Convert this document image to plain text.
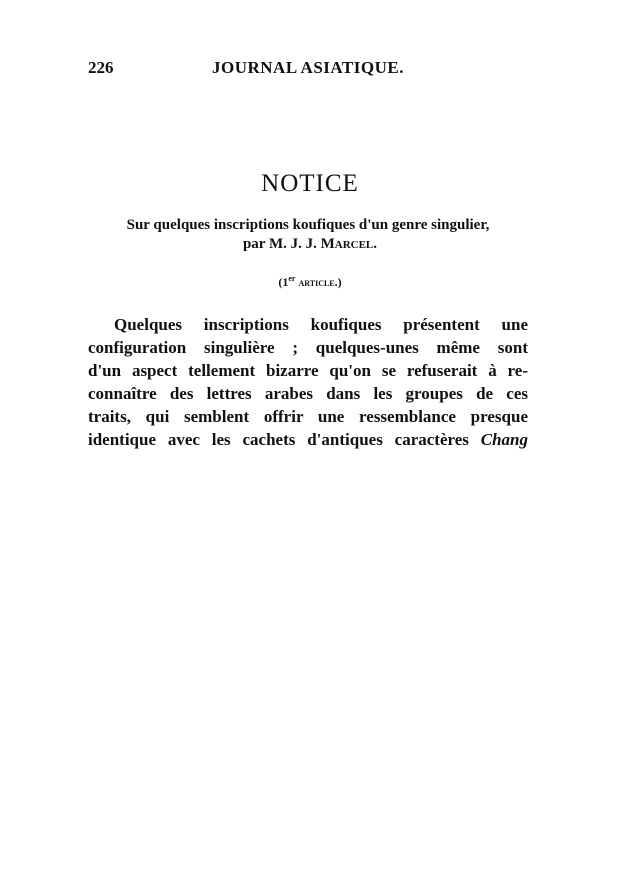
226	JOURNAL ASIATIQUE.
NOTICE
Sur quelques inscriptions koufiques d'un genre singulier,
par M. J. J. Marcel.
(1er article.)
Quelques inscriptions koufiques présentent une
configuration singulière ; quelques-unes même sont
d'un aspect tellement bizarre qu'on se refuserait à re-
connaître des lettres arabes dans les groupes de ces
traits, qui semblent offrir une ressemblance presque
identique avec les cachets d'antiques caractères Chang
